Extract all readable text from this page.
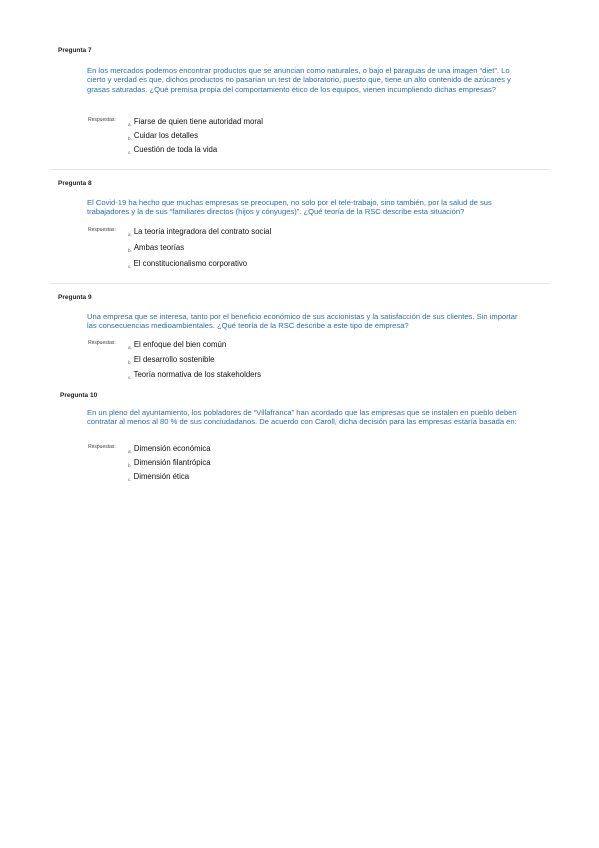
Pregunta 7
En los mercados podemos encontrar productos que se anuncian como naturales, o bajo el paraguas de una imagen “diet”. Lo cierto y verdad es que, dichos productos no pasarían un test de laboratorio, puesto que, tiene un alto contenido de azúcares y grasas saturadas. ¿Qué premisa propia del comportamiento ético de los equipos, vienen incumpliendo dichas empresas?
Respuestas:
$_{a.}$ Fiarse de quien tiene autoridad moral
$_{b.}$ Cuidar los detalles
$_{c.}$ Cuestión de toda la vida
Pregunta 8
El Covid-19 ha hecho que muchas empresas se preocupen, no solo por el tele-trabajo, sino también, por la salud de sus trabajadores y la de sus “familiares directos (hijos y cónyuges)”. ¿Qué teoría de la RSC describe esta situación?
Respuestas:
$_{a.}$ La teoría integradora del contrato social
$_{b.}$ Ambas teorías
$_{c.}$ El constitucionalismo corporativo
Pregunta 9
Una empresa que se interesa, tanto por el beneficio económico de sus accionistas y la satisfacción de sus clientes. Sin importar las consecuencias medioambientales. ¿Qué teoría de la RSC describe a este tipo de empresa?
Respuestas:
$_{a.}$ El enfoque del bien común
$_{b.}$ El desarrollo sostenible
$_{c.}$ Teoría normativa de los stakeholders
Pregunta 10
En un pleno del ayuntamiento, los pobladores de “Villafranca” han acordado que las empresas que se instalen en pueblo deben contratar al menos al 80 % de sus conciudadanos. De acuerdo con Caroll, dicha decisión para las empresas estaría basada en:
Respuestas:
$_{a.}$ Dimensión económica
$_{b.}$ Dimensión filantrópica
$_{c.}$ Dimensión ética
